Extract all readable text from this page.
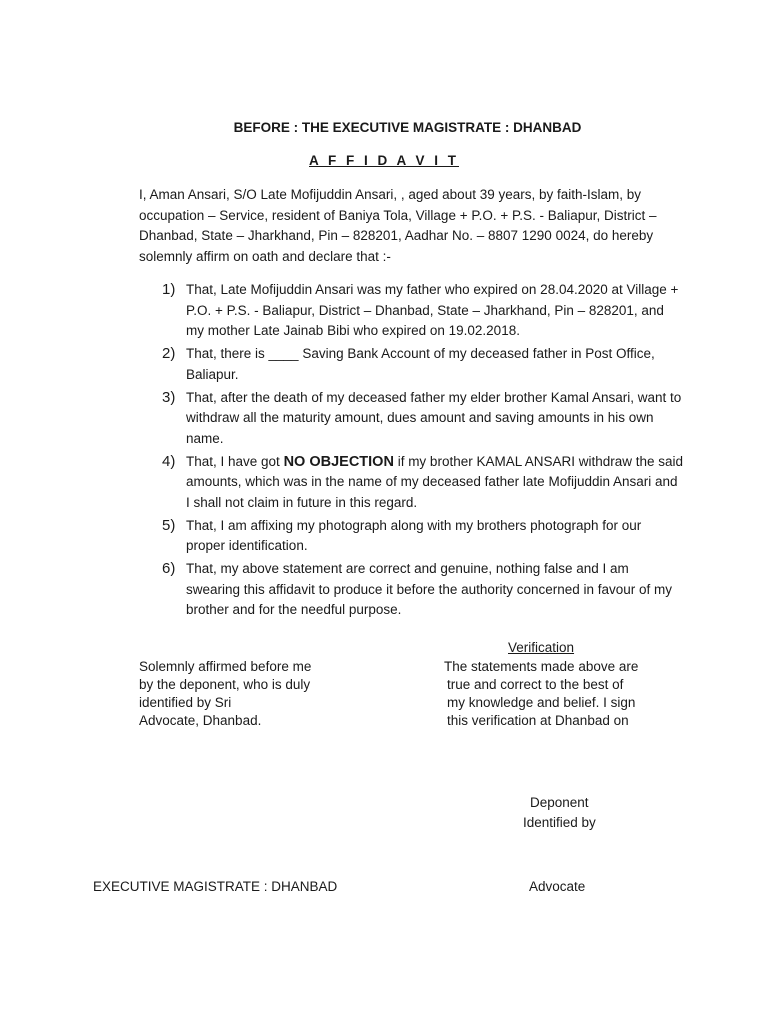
BEFORE : THE EXECUTIVE MAGISTRATE : DHANBAD
A F F I D A V I T
I, Aman Ansari, S/O Late Mofijuddin Ansari, , aged about 39 years, by faith-Islam, by occupation – Service, resident of Baniya Tola, Village + P.O. + P.S. - Baliapur, District – Dhanbad, State – Jharkhand, Pin – 828201, Aadhar No. – 8807 1290 0024, do hereby solemnly affirm on oath and declare that :-
1) That, Late Mofijuddin Ansari was my father who expired on 28.04.2020 at Village + P.O. + P.S. - Baliapur, District – Dhanbad, State – Jharkhand, Pin – 828201, and my mother Late Jainab Bibi who expired on 19.02.2018.
2) That, there is ____ Saving Bank Account of my deceased father in Post Office, Baliapur.
3) That, after the death of my deceased father my elder brother Kamal Ansari, want to withdraw all the maturity amount, dues amount and saving amounts in his own name.
4) That, I have got NO OBJECTION if my brother KAMAL ANSARI withdraw the said amounts, which was in the name of my deceased father late Mofijuddin Ansari and I shall not claim in future in this regard.
5) That, I am affixing my photograph along with my brothers photograph for our proper identification.
6) That, my above statement are correct and genuine, nothing false and I am swearing this affidavit to produce it before the authority concerned in favour of my brother and for the needful purpose.
Verification
Solemnly affirmed before me
by the deponent, who is duly
identified by Sri
Advocate, Dhanbad.
The statements made above are
true and correct to the best of
my knowledge and belief. I sign
this verification at Dhanbad on
Deponent
Identified by
EXECUTIVE MAGISTRATE : DHANBAD	Advocate
